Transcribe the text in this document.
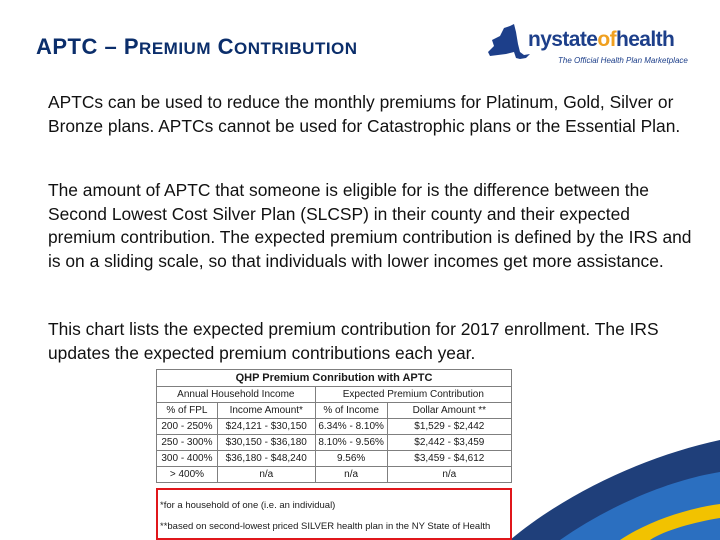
APTC – PREMIUM CONTRIBUTION	nystateofhealth
The Official Health Plan Marketplace

APTCs can be used to reduce the monthly premiums for Platinum, Gold, Silver or Bronze plans. APTCs cannot be used for Catastrophic plans or the Essential Plan.

The amount of APTC that someone is eligible for is the difference between the Second Lowest Cost Silver Plan (SLCSP) in their county and their expected premium contribution. The expected premium contribution is defined by the IRS and is on a sliding scale, so that individuals with lower incomes get more assistance.

This chart lists the expected premium contribution for 2017 enrollment. The IRS updates the expected premium contributions each year.

QHP Premium Conribution with APTC			
Annual Household Income		Expected Premium Contribution	
% of FPL	Income Amount*	% of Income	Dollar Amount **
200 - 250%	$24,121 - $30,150	6.34% - 8.10%	$1,529 - $2,442
250 - 300%	$30,150 - $36,180	8.10% - 9.56%	$2,442 - $3,459
300 - 400%	$36,180 - $48,240	9.56%	$3,459 - $4,612
> 400%	n/a	n/a	n/a
*for a household of one (i.e. an individual)
**based on second-lowest priced SILVER health plan in the NY State of Health
